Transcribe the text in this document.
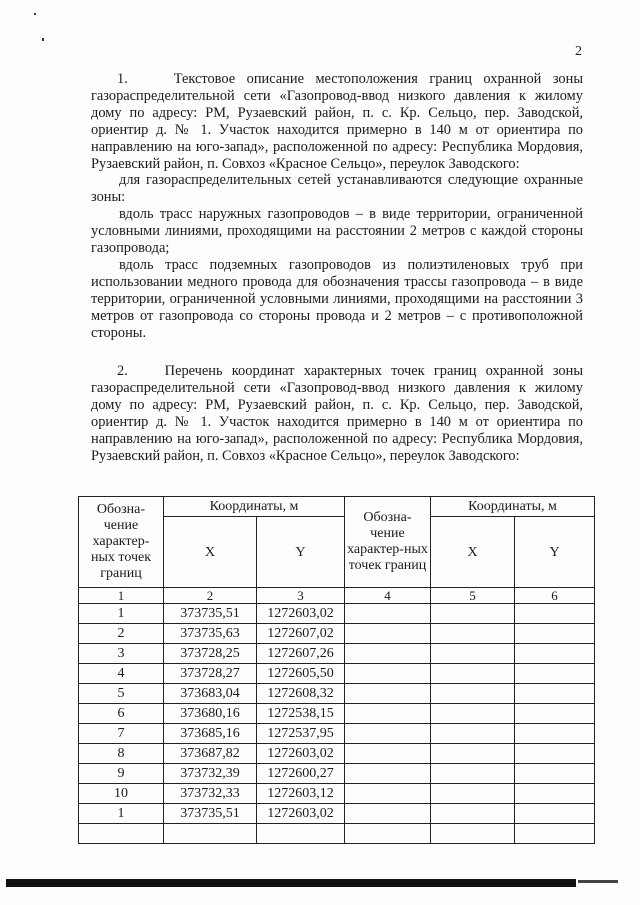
2

1.    Текстовое описание местоположения границ охранной зоны газораспределительной сети «Газопровод-ввод низкого давления к жилому дому по адресу: РМ, Рузаевский район, п. с. Кр. Сельцо, пер. Заводской, ориентир д. № 1. Участок находится примерно в 140 м от ориентира по направлению на юго-запад», расположенной по адресу: Республика Мордовия, Рузаевский район, п. Совхоз «Красное Сельцо», переулок Заводского:

для газораспределительных сетей устанавливаются следующие охранные зоны:

вдоль трасс наружных газопроводов – в виде территории, ограниченной условными линиями, проходящими на расстоянии 2 метров с каждой стороны газопровода;

вдоль трасс подземных газопроводов из полиэтиленовых труб при использовании медного провода для обозначения трассы газопровода – в виде территории, ограниченной условными линиями, проходящими на расстоянии 3 метров от газопровода со стороны провода и 2 метров – с противоположной стороны.

2.    Перечень координат характерных точек границ охранной зоны газораспределительной сети «Газопровод-ввод низкого давления к жилому дому по адресу: РМ, Рузаевский район, п. с. Кр. Сельцо, пер. Заводской, ориентир д. № 1. Участок находится примерно в 140 м от ориентира по направлению на юго-запад», расположенной по адресу: Республика Мордовия, Рузаевский район, п. Совхоз «Красное Сельцо», переулок Заводского:

Обозна-чение характер-ных точек границ	Координаты, м		Обозна-чение характер-ных точек границ	Координаты, м	
	X	Y		X	Y
1	2	3	4	5	6
1	373735,51	1272603,02			
2	373735,63	1272607,02			
3	373728,25	1272607,26			
4	373728,27	1272605,50			
5	373683,04	1272608,32			
6	373680,16	1272538,15			
7	373685,16	1272537,95			
8	373687,82	1272603,02			
9	373732,39	1272600,27			
10	373732,33	1272603,12			
1	373735,51	1272603,02			
